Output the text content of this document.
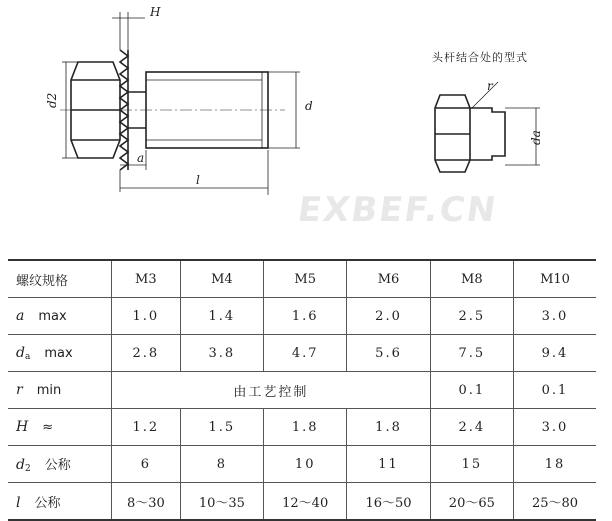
H
d2	d
a
l
r
da
头杆结合处的型式
EXBEF.CN
螺纹规格	M3	M4	M5	M6	M8	M10
a max	1.0	1.4	1.6	2.0	2.5	3.0
$d_a$ max	2.8	3.8	4.7	5.6	7.5	9.4
r min	由工艺控制				0.1	0.1
H ≈	1.2	1.5	1.8	1.8	2.4	3.0
$d_2$ 公称	6	8	10	11	15	18
l 公称	8～30	10～35	12～40	16～50	20～65	25～80
